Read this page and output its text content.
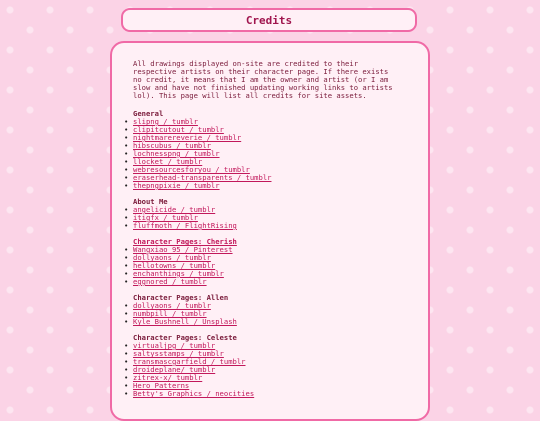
Credits

All drawings displayed on-site are credited to their respective artists on their character page. If there exists no credit, it means that I am the owner and artist (or I am slow and have not finished updating working links to artists lol). This page will list all credits for site assets.

General

• slipng / tumblr
• clipitcutout / tumblr
• nightmarereverie / tumblr
• hibscubus / tumblr
• lochnesspng / tumblr
• llocket / tumblr
• webresourcesforyou / tumblr
• eraserhead-transparents / tumblr
• thepngpixie / tumblr

About Me

• angelicide / tumblr
• itigfx / tumblr
• fluffmoth / FlightRising
Character Pages: Cherish
• Wangxiao 95 / Pinterest
• dollyaons / tumblr
• hellotowns / tumblr
• enchanthings / tumblr
• eggnored / tumblr

Character Pages: Allen

• dollyaons / tumblr
• numbpill / tumblr
• Kyle Bushnell / Unsplash

Character Pages: Celeste

• virtualjpg / tumblr
• saltysstamps / tumblr
• transmascgarfield / tumblr
• droideplane/ tumblr
• zitrex-x/ tumblr
• Hero Patterns
• Betty's Graphics / neocities
